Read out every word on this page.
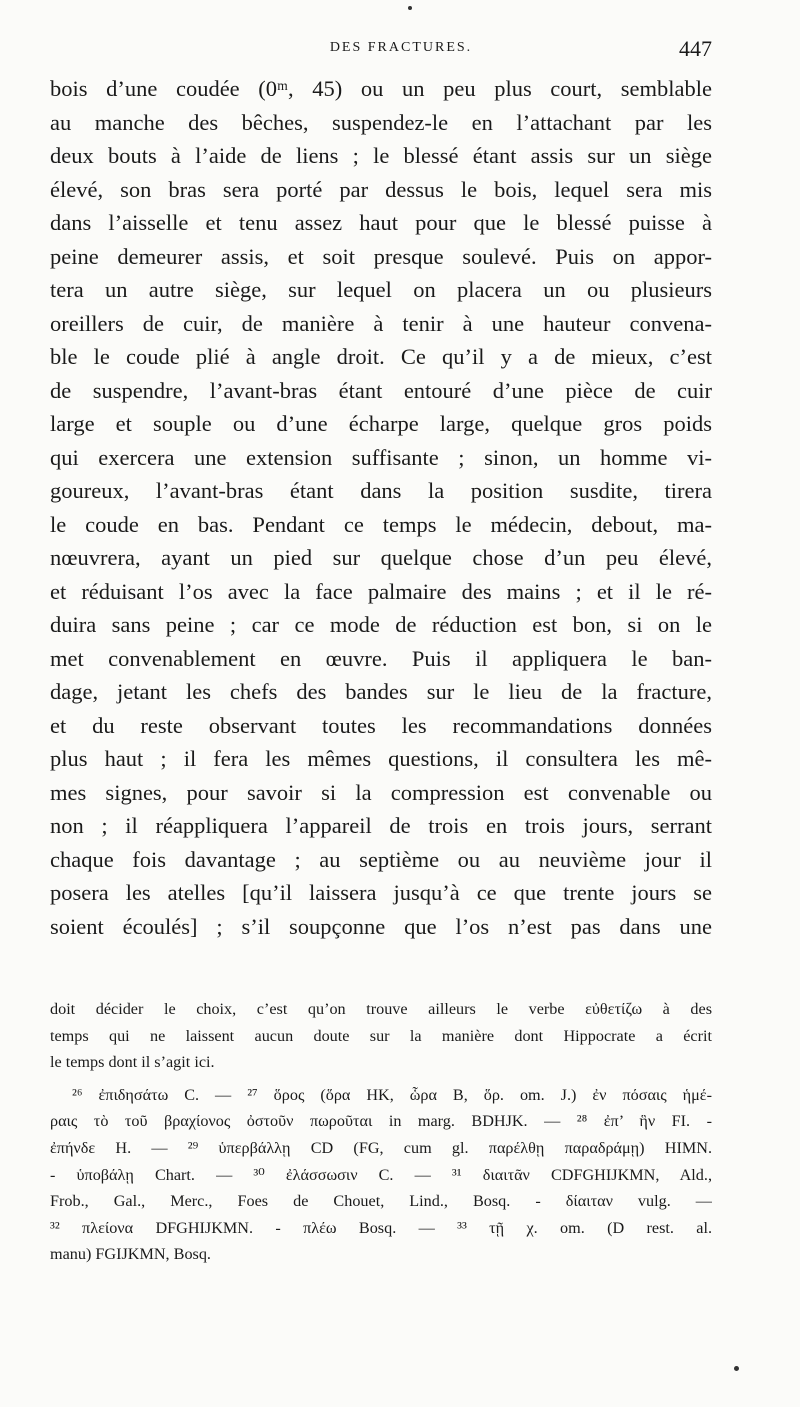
DES FRACTURES.	447
bois d’une coudée (0ᵐ, 45) ou un peu plus court, semblable
au manche des bêches, suspendez-le en l’attachant par les
deux bouts à l’aide de liens ; le blessé étant assis sur un siège
élevé, son bras sera porté par dessus le bois, lequel sera mis
dans l’aisselle et tenu assez haut pour que le blessé puisse à
peine demeurer assis, et soit presque soulevé. Puis on appor-
tera un autre siège, sur lequel on placera un ou plusieurs
oreillers de cuir, de manière à tenir à une hauteur convena-
ble le coude plié à angle droit. Ce qu’il y a de mieux, c’est
de suspendre, l’avant-bras étant entouré d’une pièce de cuir
large et souple ou d’une écharpe large, quelque gros poids
qui exercera une extension suffisante ; sinon, un homme vi-
goureux, l’avant-bras étant dans la position susdite, tirera
le coude en bas. Pendant ce temps le médecin, debout, ma-
nœuvrera, ayant un pied sur quelque chose d’un peu élevé,
et réduisant l’os avec la face palmaire des mains ; et il le ré-
duira sans peine ; car ce mode de réduction est bon, si on le
met convenablement en œuvre. Puis il appliquera le ban-
dage, jetant les chefs des bandes sur le lieu de la fracture,
et du reste observant toutes les recommandations données
plus haut ; il fera les mêmes questions, il consultera les mê-
mes signes, pour savoir si la compression est convenable ou
non ; il réappliquera l’appareil de trois en trois jours, serrant
chaque fois davantage ; au septième ou au neuvième jour il
posera les atelles [qu’il laissera jusqu’à ce que trente jours se
soient écoulés] ; s’il soupçonne que l’os n’est pas dans une
doit décider le choix, c’est qu’on trouve ailleurs le verbe εὐθετίζω à des
temps qui ne laissent aucun doute sur la manière dont Hippocrate a écrit
le temps dont il s’agit ici.
²⁶ ἐπιδησάτω C. — ²⁷ ὅρος (ὅρα HK, ὧρα B, ὅρ. om. J.) ἐν πόσαις ἡμέ-
ραις τὸ τοῦ βραχίονος ὀστοῦν πωροῦται in marg. BDHJK. — ²⁸ ἐπ’ ἣν FI. -
ἐπήνδε H. — ²⁹ ὑπερβάλλῃ CD (FG, cum gl. παρέλθῃ παραδράμῃ) HIMN.
- ὑποβάλῃ Chart. — ³⁰ ἐλάσσωσιν C. — ³¹ διαιτᾶν CDFGHIJKMN, Ald.,
Frob., Gal., Merc., Foes de Chouet, Lind., Bosq. - δίαιταν vulg. —
³² πλείονα DFGHIJKMN. - πλέω Bosq. — ³³ τῇ χ. om. (D rest. al.
manu) FGIJKMN, Bosq.
